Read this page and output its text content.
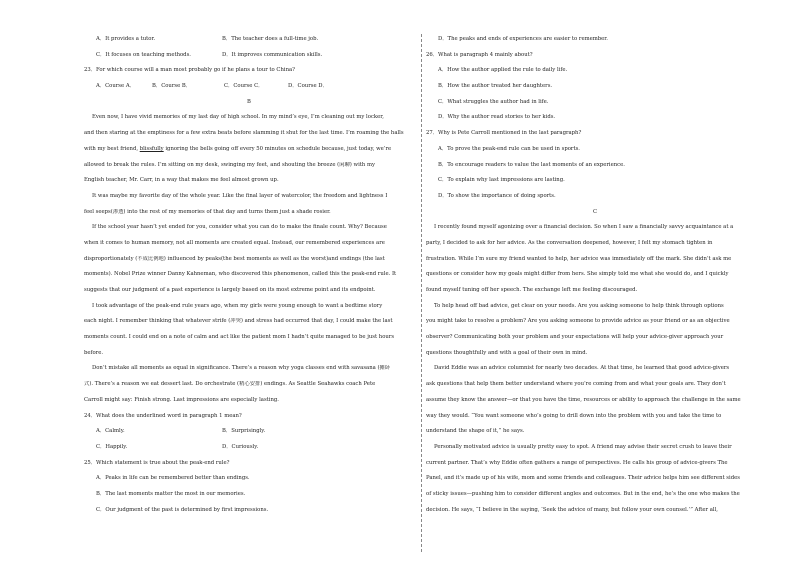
A．It provides a tutor.	B．The teacher does a full-time job.

C．It focuses on teaching methods.	D．It improves communication skills.

23．For which course will a man most probably go if he plans a tour to China?

A．Course A．	B．Course B．	C．Course C．	D．Course D．

B

Even now, I have vivid memories of my last day of high school. In my mind’s eye, I’m cleaning out my locker,

and then staring at the emptiness for a few extra beats before slamming it shut for the last time. I’m roaming the halls

with my best friend, blissfully ignoring the bells going off every 50 minutes on schedule because, just today, we’re

allowed to break the rules. I’m sitting on my desk, swinging my feet, and shouting the breeze (闲聊) with my

English teacher, Mr. Carr, in a way that makes me feel almost grown up.

It was maybe my favorite day of the whole year. Like the final layer of watercolor, the freedom and lightness I

feel seeps(渗透) into the rest of my memories of that day and turns them just a shade rosier.

If the school year hasn’t yet ended for you, consider what you can do to make the finale count. Why? Because

when it comes to human memory, not all moments are created equal. Instead, our remembered experiences are

disproportionately (不成比例地) influenced by peaks(the best moments as well as the worst)and endings (the last

moments). Nobel Prize winner Danny Kahneman, who discovered this phenomenon, called this the peak-end rule. It

suggests that our judgment of a past experience is largely based on its most extreme point and its endpoint.

I took advantage of the peak-end rule years ago, when my girls were young enough to want a bedtime story

each night. I remember thinking that whatever strife (冲突) and stress had occurred that day, I could make the last

moments count. I could end on a note of calm and act like the patient mom I hadn’t quite managed to be just hours

before.

Don’t mistake all moments as equal in significance. There’s a reason why yoga classes end with savasana (摊卧

式). There’s a reason we eat dessert last. Do orchestrate (精心安排) endings. As Seattle Seahawks coach Pete

Carroll might say: Finish strong. Last impressions are especially lasting.

24．What does the underlined word in paragraph 1 mean?

A．Calmly.	B．Surprisingly.

C．Happily.	D．Curiously.

25．Which statement is true about the peak-end rule?

A．Peaks in life can be remembered better than endings.

B．The last moments matter the most in our memories.

C．Our judgment of the past is determined by first impressions.

D．The peaks and ends of experiences are easier to remember.

26．What is paragraph 4 mainly about?

A．How the author applied the rule to daily life.

B．How the author treated her daughters.

C．What struggles the author had in life.

D．Why the author read stories to her kids.

27．Why is Pete Carroll mentioned in the last paragraph?

A．To prove the peak-end rule can be used in sports.

B．To encourage readers to value the last moments of an experience.

C．To explain why last impressions are lasting.

D．To show the importance of doing sports.

C

I recently found myself agonizing over a financial decision. So when I saw a financially savvy acquaintance at a

party, I decided to ask for her advice. As the conversation deepened, however, I felt my stomach tighten in

frustration. While I’m sure my friend wanted to help, her advice was immediately off the mark. She didn’t ask me

questions or consider how my goals might differ from hers. She simply told me what she would do, and I quickly

found myself tuning off her speech. The exchange left me feeling discouraged.

To help head off bad advice, get clear on your needs. Are you asking someone to help think through options

you might take to resolve a problem? Are you asking someone to provide advice as your friend or as an objective

observer? Communicating both your problem and your expectations will help your advice-giver approach your

questions thoughtfully and with a goal of their own in mind.

David Eddie was an advice columnist for nearly two decades. At that time, he learned that good advice-givers

ask questions that help them better understand where you’re coming from and what your goals are. They don’t

assume they know the answer—or that you have the time, resources or ability to approach the challenge in the same

way they would. “You want someone who’s going to drill down into the problem with you and take the time to

understand the shape of it,” he says.

Personally motivated advice is usually pretty easy to spot. A friend may advise their secret crush to leave their

current partner. That’s why Eddie often gathers a range of perspectives. He calls his group of advice-givers The

Panel, and it’s made up of his wife, mom and some friends and colleagues. Their advice helps him see different sides

of sticky issues—pushing him to consider different angles and outcomes. But in the end, he’s the one who makes the

decision. He says, “I believe in the saying, ‘Seek the advice of many, but follow your own counsel.’” After all,
